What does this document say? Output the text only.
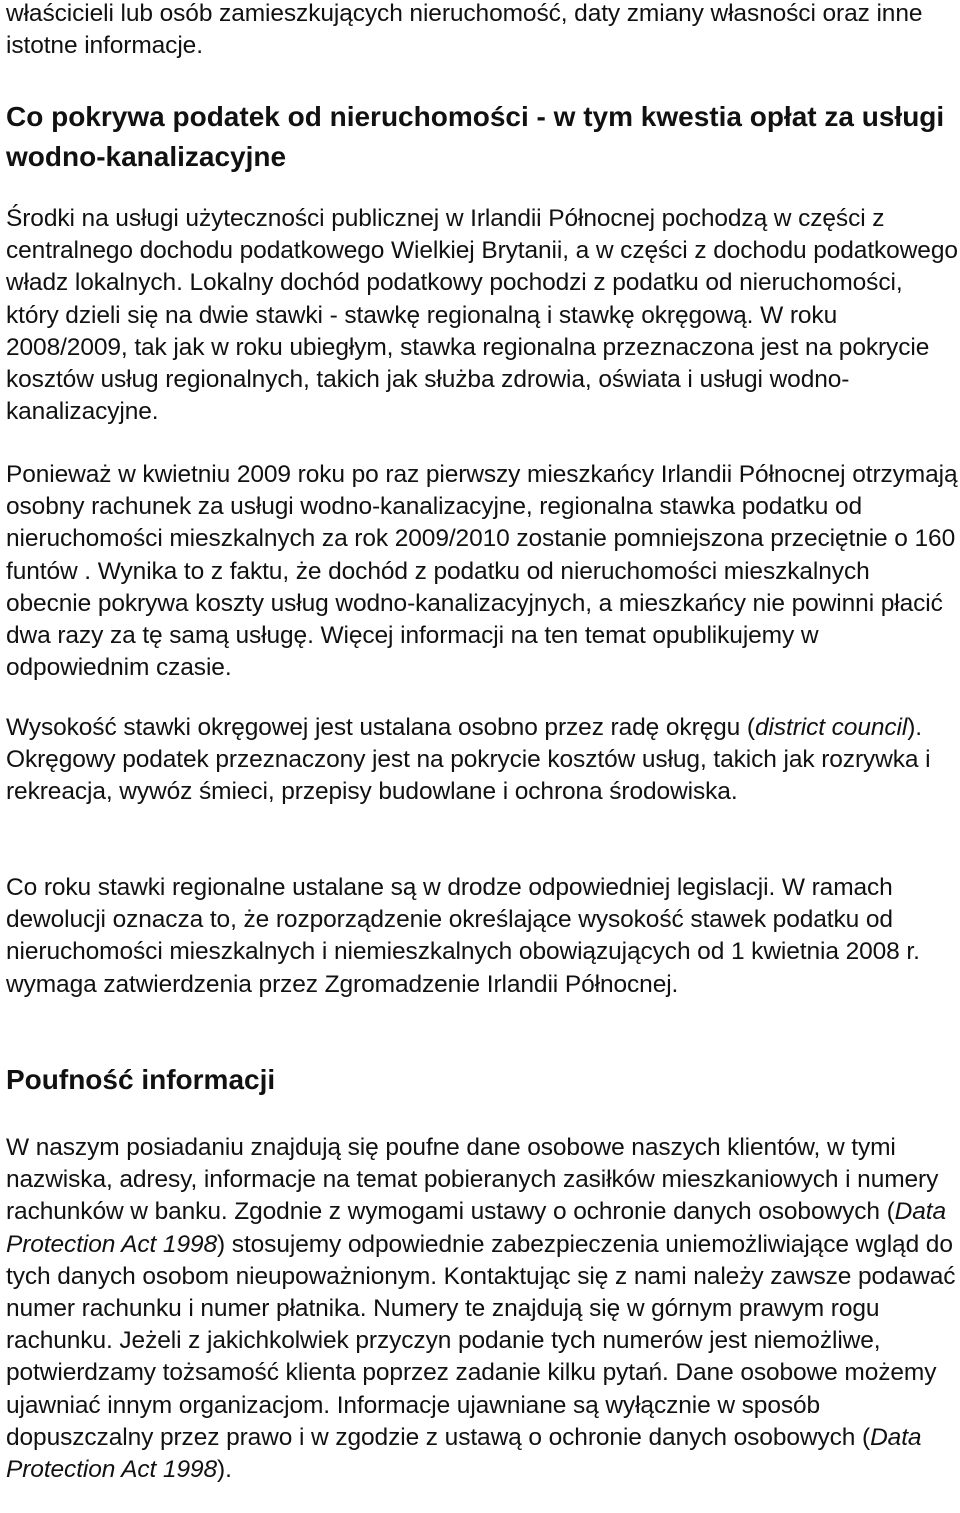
właścicieli lub osób zamieszkujących nieruchomość, daty zmiany własności oraz inne istotne informacje.

Co pokrywa podatek od nieruchomości - w tym kwestia opłat za usługi wodno-kanalizacyjne

Środki na usługi użyteczności publicznej w Irlandii Północnej pochodzą w części z centralnego dochodu podatkowego Wielkiej Brytanii, a w części z dochodu podatkowego władz lokalnych. Lokalny dochód podatkowy pochodzi z podatku od nieruchomości, który dzieli się na dwie stawki - stawkę regionalną i stawkę okręgową. W roku 2008/2009, tak jak w roku ubiegłym, stawka regionalna przeznaczona jest na pokrycie kosztów usług regionalnych, takich jak służba zdrowia, oświata i usługi wodno-kanalizacyjne.

Ponieważ w kwietniu 2009 roku po raz pierwszy mieszkańcy Irlandii Północnej otrzymają osobny rachunek za usługi wodno-kanalizacyjne, regionalna stawka podatku od nieruchomości mieszkalnych za rok 2009/2010 zostanie pomniejszona przeciętnie o 160 funtów . Wynika to z faktu, że dochód z podatku od nieruchomości mieszkalnych obecnie pokrywa koszty usług wodno-kanalizacyjnych, a mieszkańcy nie powinni płacić dwa razy za tę samą usługę. Więcej informacji na ten temat opublikujemy w odpowiednim czasie.

Wysokość stawki okręgowej jest ustalana osobno przez radę okręgu (district council). Okręgowy podatek przeznaczony jest na pokrycie kosztów usług, takich jak rozrywka i rekreacja, wywóz śmieci, przepisy budowlane i ochrona środowiska.

Co roku stawki regionalne ustalane są w drodze odpowiedniej legislacji. W ramach dewolucji oznacza to, że rozporządzenie określające wysokość stawek podatku od nieruchomości mieszkalnych i niemieszkalnych obowiązujących od 1 kwietnia 2008 r. wymaga zatwierdzenia przez Zgromadzenie Irlandii Północnej.

Poufność informacji

W naszym posiadaniu znajdują się poufne dane osobowe naszych klientów, w tymi nazwiska, adresy, informacje na temat pobieranych zasiłków mieszkaniowych i numery rachunków w banku. Zgodnie z wymogami ustawy o ochronie danych osobowych (Data Protection Act 1998) stosujemy odpowiednie zabezpieczenia uniemożliwiające wgląd do tych danych osobom nieupoważnionym. Kontaktując się z nami należy zawsze podawać numer rachunku i numer płatnika. Numery te znajdują się w górnym prawym rogu rachunku. Jeżeli z jakichkolwiek przyczyn podanie tych numerów jest niemożliwe, potwierdzamy tożsamość klienta poprzez zadanie kilku pytań. Dane osobowe możemy ujawniać innym organizacjom. Informacje ujawniane są wyłącznie w sposób dopuszczalny przez prawo i w zgodzie z ustawą o ochronie danych osobowych (Data Protection Act 1998).
